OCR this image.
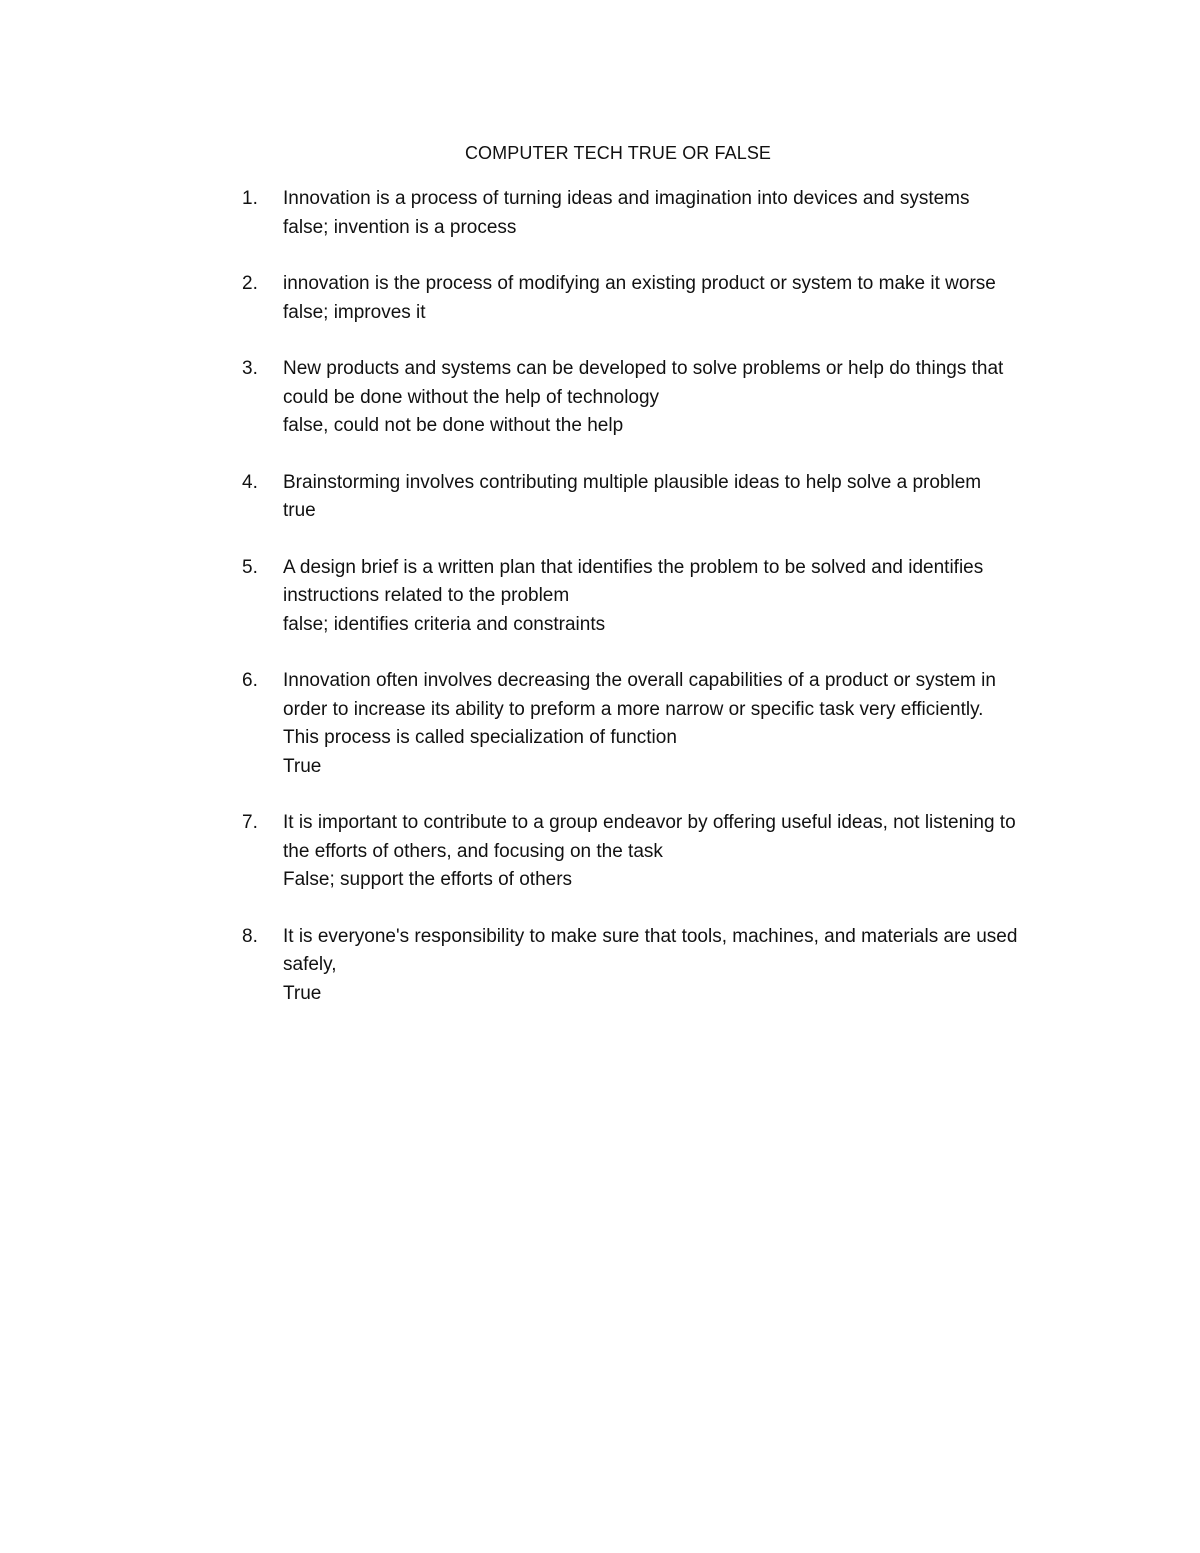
COMPUTER TECH TRUE OR FALSE
1.	Innovation is a process of turning ideas and imagination into devices and systems
false; invention is a process
2.	innovation is the process of modifying an existing product or system to make it worse
false; improves it
3.	New products and systems can be developed to solve problems or help do things that
could be done without the help of technology
false, could not be done without the help
4.	Brainstorming involves contributing multiple plausible ideas to help solve a problem
true
5.	A design brief is a written plan that identifies the problem to be solved and identifies
instructions related to the problem
false; identifies criteria and constraints
6.	Innovation often involves decreasing the overall capabilities of a product or system in
order to increase its ability to preform a more narrow or specific task very efficiently.
This process is called specialization of function
True
7.	It is important to contribute to a group endeavor by offering useful ideas, not listening to
the efforts of others, and focusing on the task
False; support the efforts of others
8.	It is everyone's responsibility to make sure that tools, machines, and materials are used
safely,
True
